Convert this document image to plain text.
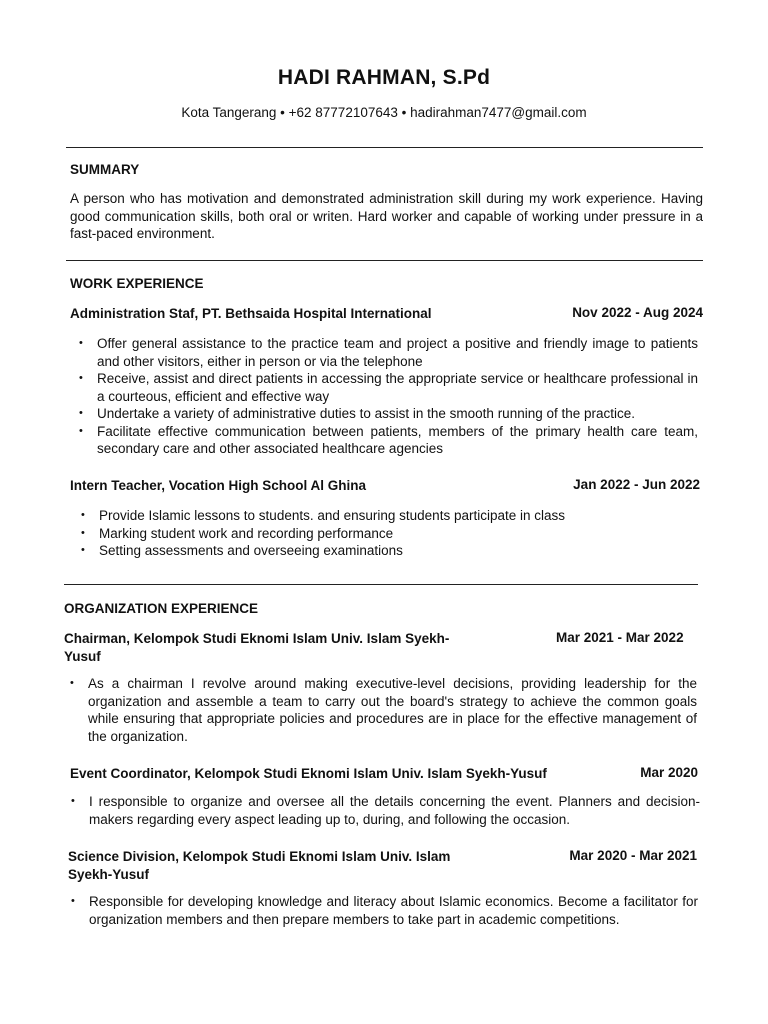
HADI RAHMAN, S.Pd
Kota Tangerang • +62 87772107643 • hadirahman7477@gmail.com
SUMMARY
A person who has motivation and demonstrated administration skill during my work experience. Having good communication skills, both oral or writen. Hard worker and capable of working under pressure in a fast-paced environment.
WORK EXPERIENCE
Administration Staf, PT. Bethsaida Hospital International	Nov 2022 - Aug 2024
• Offer general assistance to the practice team and project a positive and friendly image to patients and other visitors, either in person or via the telephone
• Receive, assist and direct patients in accessing the appropriate service or healthcare professional in a courteous, efficient and effective way
• Undertake a variety of administrative duties to assist in the smooth running of the practice.
• Facilitate effective communication between patients, members of the primary health care team, secondary care and other associated healthcare agencies
Intern Teacher, Vocation High School Al Ghina	Jan 2022 - Jun 2022
• Provide Islamic lessons to students. and ensuring students participate in class
• Marking student work and recording performance
• Setting assessments and overseeing examinations
ORGANIZATION EXPERIENCE
Chairman, Kelompok Studi Eknomi Islam Univ. Islam Syekh-Yusuf
Mar 2021 - Mar 2022
• As a chairman I revolve around making executive-level decisions, providing leadership for the organization and assemble a team to carry out the board's strategy to achieve the common goals while ensuring that appropriate policies and procedures are in place for the effective management of the organization.
Event Coordinator, Kelompok Studi Eknomi Islam Univ. Islam Syekh-Yusuf	Mar 2020
• I responsible to organize and oversee all the details concerning the event. Planners and decision-makers regarding every aspect leading up to, during, and following the occasion.
Science Division, Kelompok Studi Eknomi Islam Univ. Islam Syekh-Yusuf
Mar 2020 - Mar 2021
• Responsible for developing knowledge and literacy about Islamic economics. Become a facilitator for organization members and then prepare members to take part in academic competitions.
